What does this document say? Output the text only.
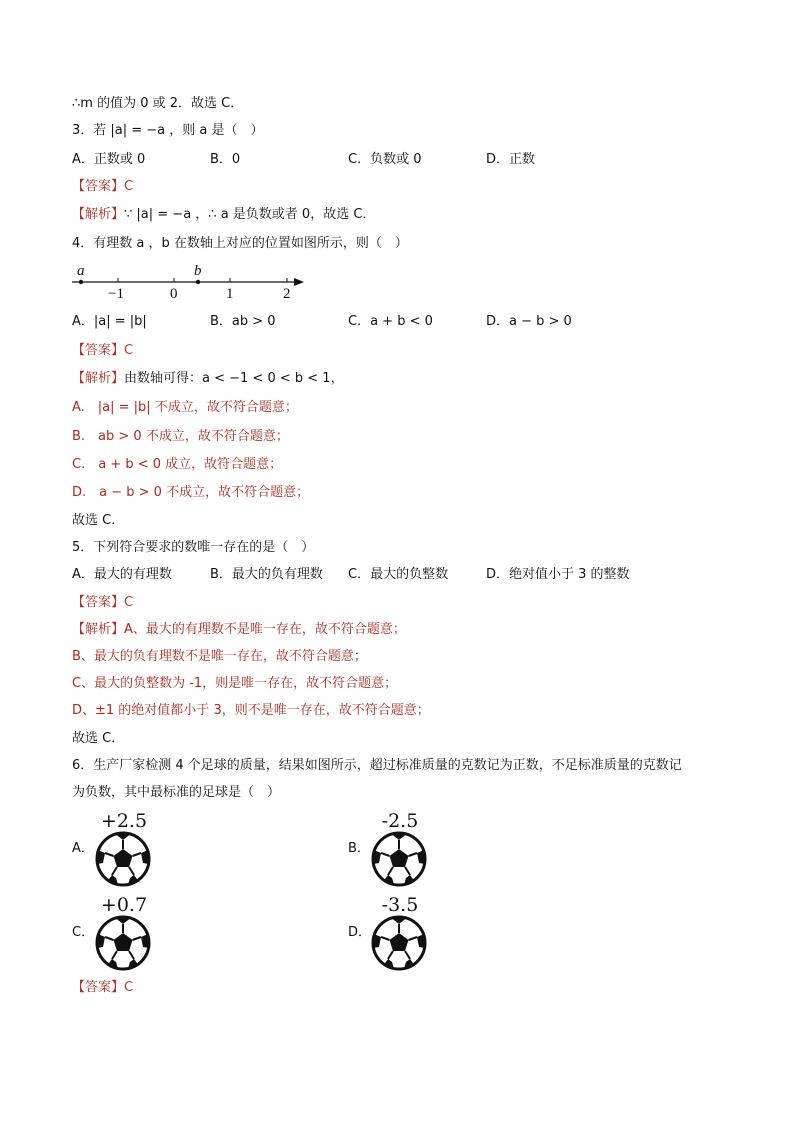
∴m 的值为 0 或 2．故选 C．
3．若 |a| = −a ，则 a 是（　）
A．正数或 0	B．0	C．负数或 0	D．正数
【答案】C
【解析】∵ |a| = −a ，∴ a 是负数或者 0，故选 C．
4．有理数 a ，b 在数轴上对应的位置如图所示，则（　）
a	b
−1	0	1	2
A．|a| = |b|	B．ab > 0	C．a + b < 0	D．a − b > 0
【答案】C
【解析】由数轴可得：a < −1 < 0 < b < 1，
A.　|a| = |b| 不成立，故不符合题意；
B.　ab > 0 不成立，故不符合题意；
C.　a + b < 0 成立，故符合题意；
D.　a − b > 0 不成立，故不符合题意；
故选 C．
5．下列符合要求的数唯一存在的是（　）
A．最大的有理数	B．最大的负有理数 C．最大的负整数	D．绝对值小于 3 的整数
【答案】C
【解析】A、最大的有理数不是唯一存在，故不符合题意；
B、最大的负有理数不是唯一存在，故不符合题意；
C、最大的负整数为 -1，则是唯一存在，故不符合题意；
D、±1 的绝对值都小于 3，则不是唯一存在，故不符合题意；
故选 C．
6．生产厂家检测 4 个足球的质量，结果如图所示，超过标准质量的克数记为正数，不足标准质量的克数记
为负数，其中最标准的足球是（　）
A．	B．
C．	D．
+2.5	-2.5
+0.7	-3.5
【答案】C
